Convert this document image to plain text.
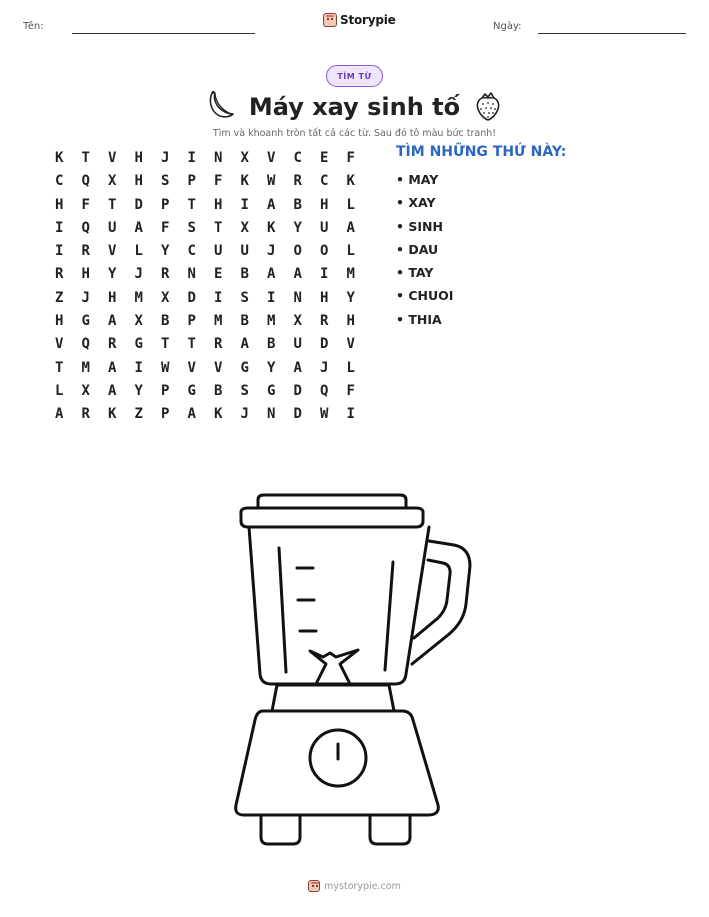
Tên:	Storypie	Ngày:
TÌM TỪ
Máy xay sinh tố
Tìm và khoanh tròn tất cả các từ. Sau đó tô màu bức tranh!
K	T	V	H	J	I	N	X	V	C	E	F
C	Q	X	H	S	P	F	K	W	R	C	K
H	F	T	D	P	T	H	I	A	B	H	L
I	Q	U	A	F	S	T	X	K	Y	U	A
I	R	V	L	Y	C	U	U	J	O	O	L
R	H	Y	J	R	N	E	B	A	A	I	M
Z	J	H	M	X	D	I	S	I	N	H	Y
H	G	A	X	B	P	M	B	M	X	R	H
V	Q	R	G	T	T	R	A	B	U	D	V
T	M	A	I	W	V	V	G	Y	A	J	L
L	X	A	Y	P	G	B	S	G	D	Q	F
A	R	K	Z	P	A	K	J	N	D	W	I
TÌM NHỮNG THỨ NÀY:
• MAY
• XAY
• SINH
• DAU
• TAY
• CHUOI
• THIA
mystorypie.com
